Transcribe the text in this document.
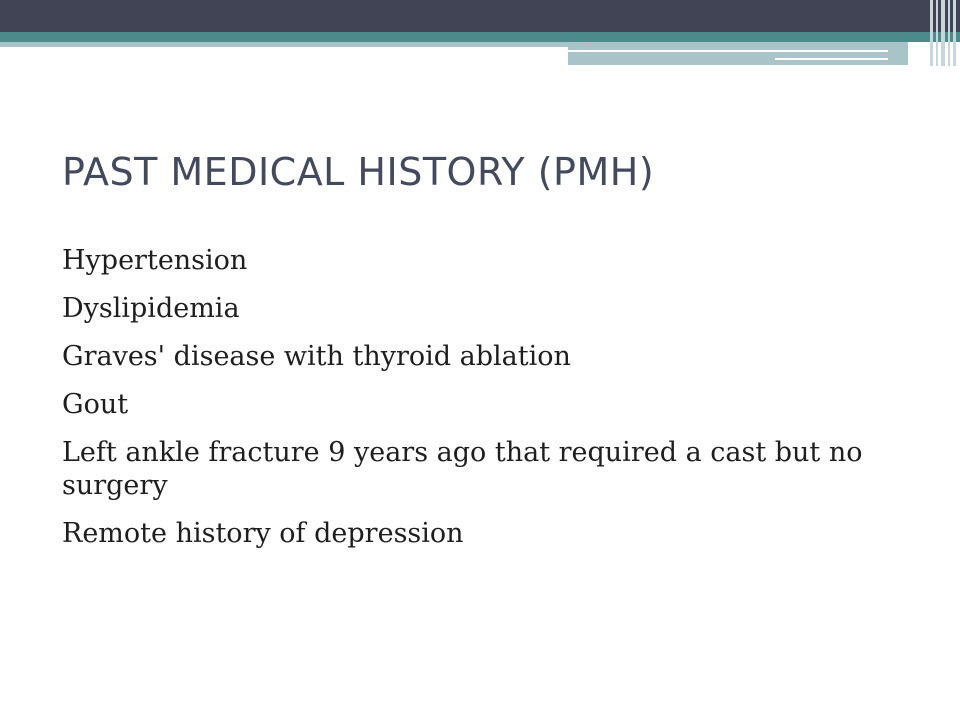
PAST MEDICAL HISTORY (PMH)
Hypertension
Dyslipidemia
Graves' disease with thyroid ablation
Gout
Left ankle fracture 9 years ago that required a cast but no surgery
Remote history of depression
